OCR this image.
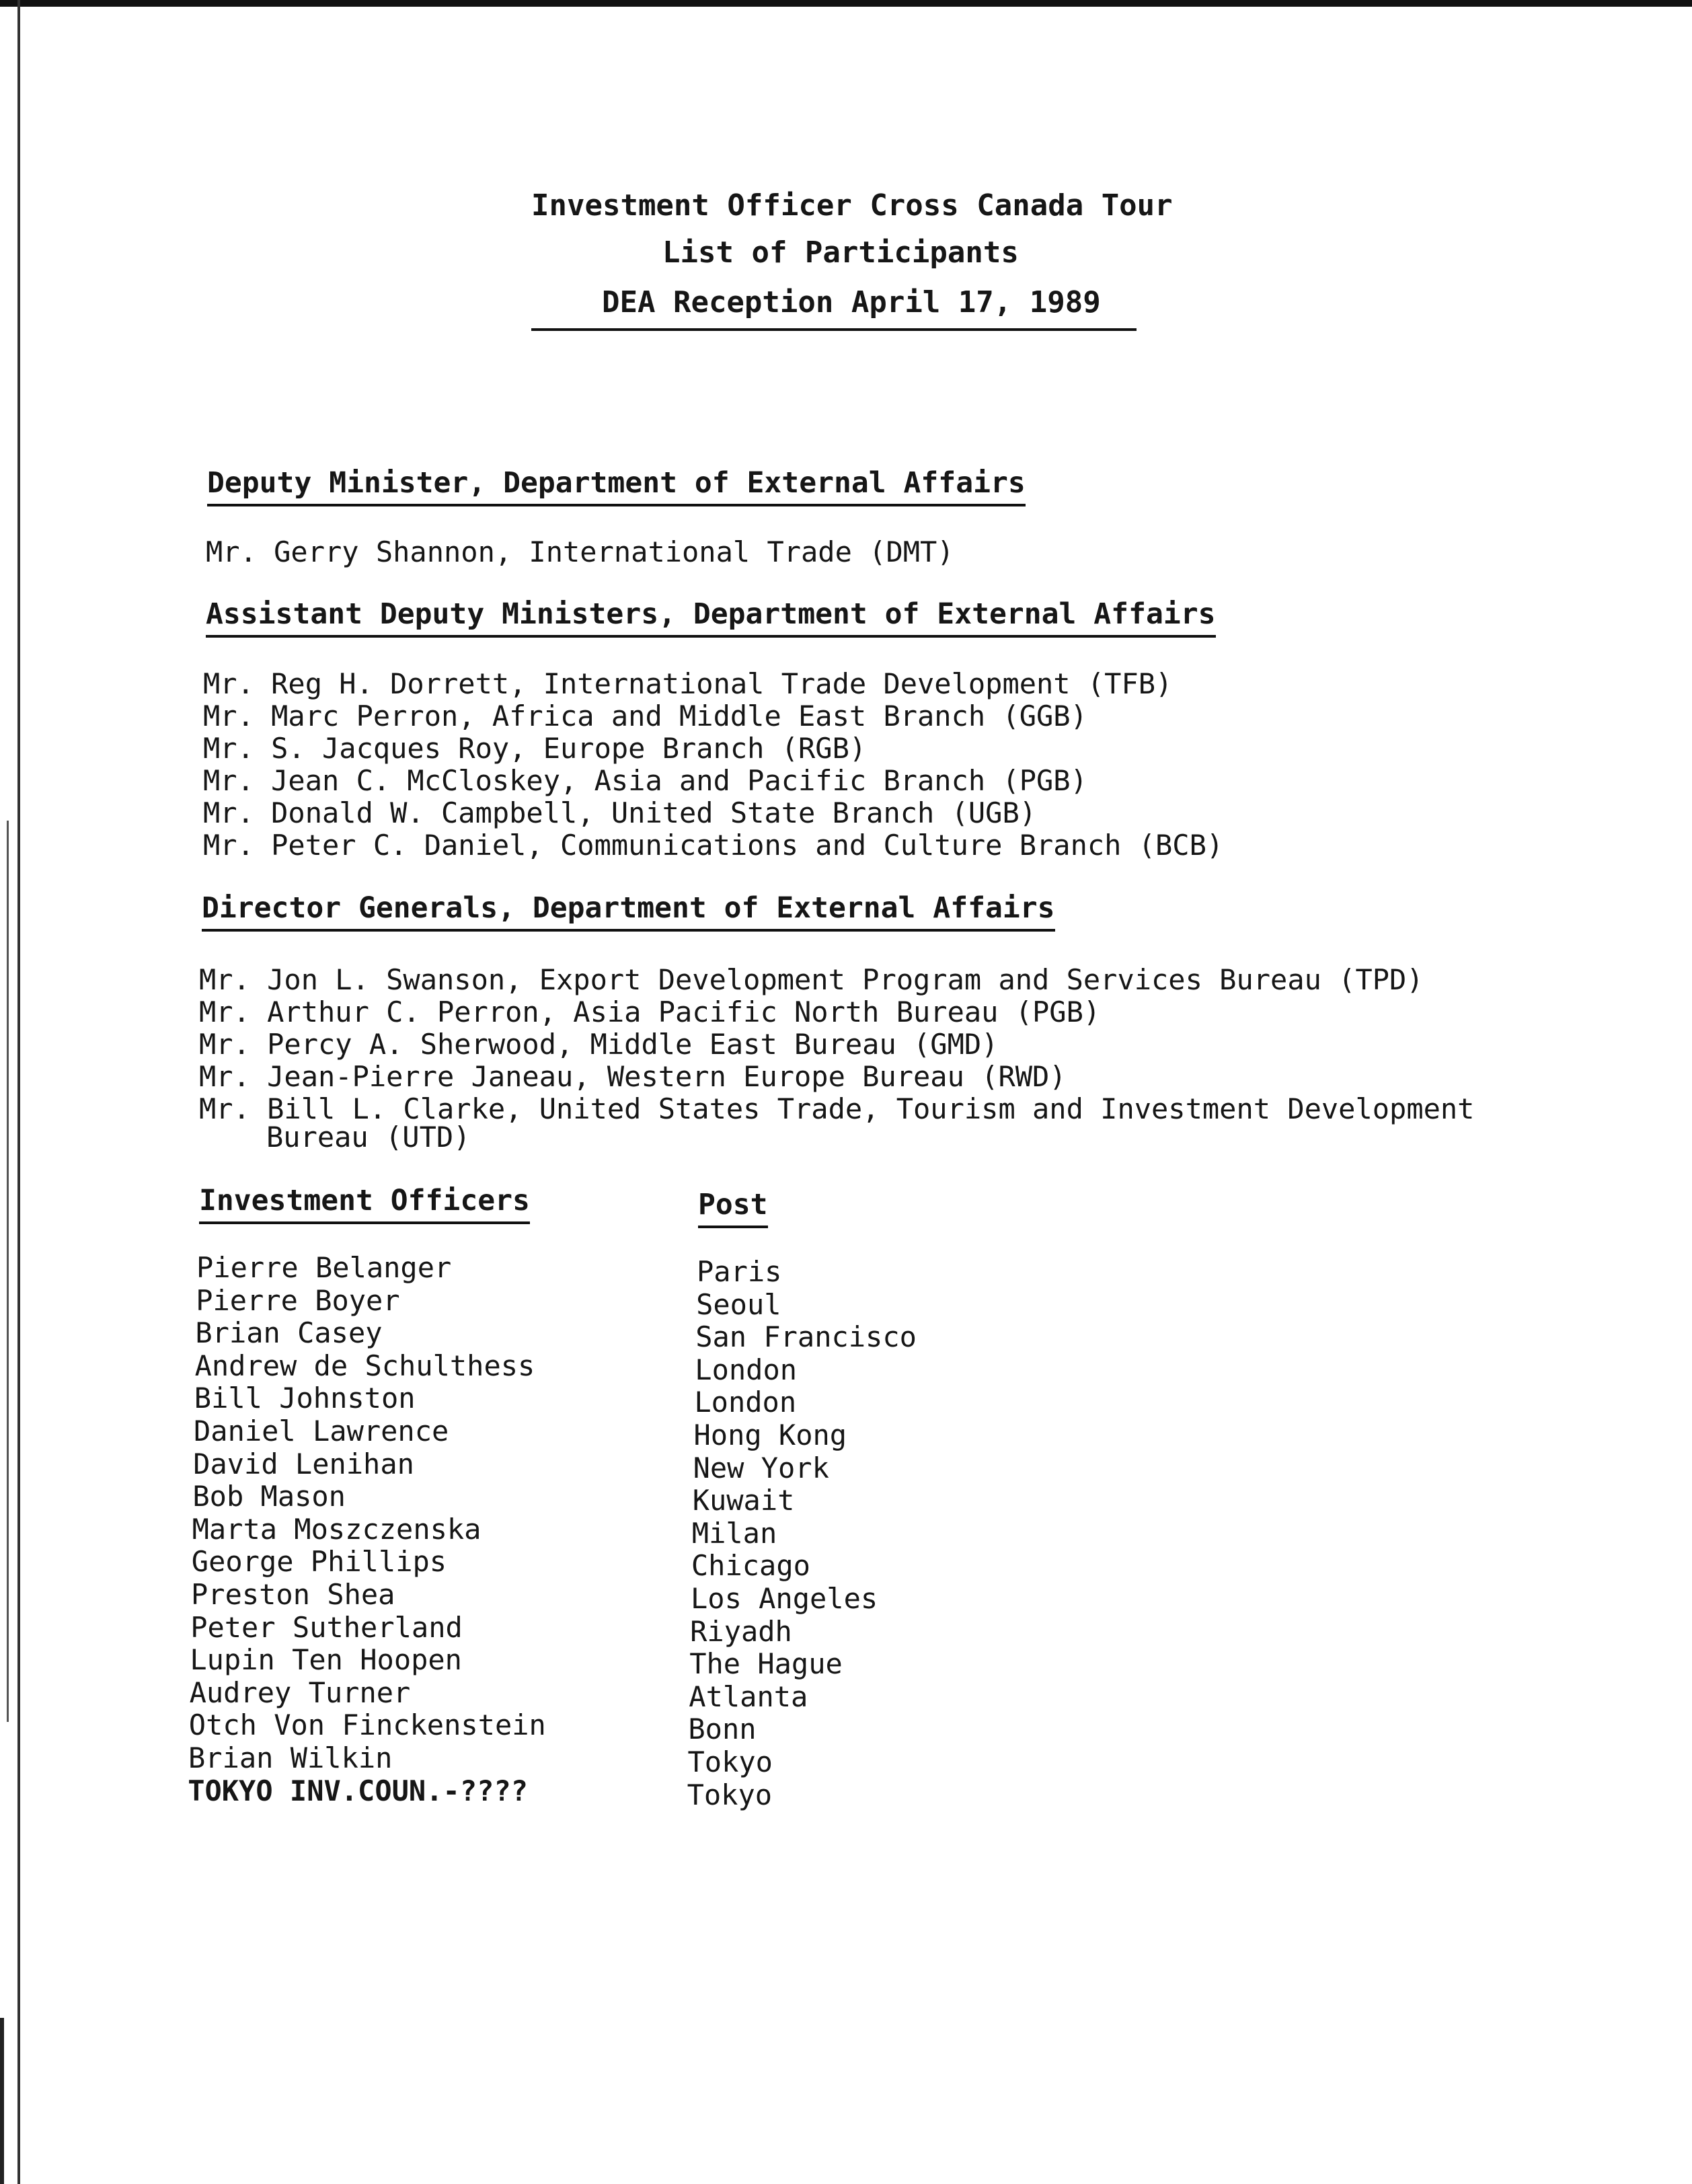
Investment Officer Cross Canada Tour
List of Participants
DEA Reception April 17, 1989
Deputy Minister, Department of External Affairs
Mr. Gerry Shannon, International Trade (DMT)
Assistant Deputy Ministers, Department of External Affairs
Mr. Reg H. Dorrett, International Trade Development (TFB)
Mr. Marc Perron, Africa and Middle East Branch (GGB)
Mr. S. Jacques Roy, Europe Branch (RGB)
Mr. Jean C. McCloskey, Asia and Pacific Branch (PGB)
Mr. Donald W. Campbell, United State Branch (UGB)
Mr. Peter C. Daniel, Communications and Culture Branch (BCB)
Director Generals, Department of External Affairs
Mr. Jon L. Swanson, Export Development Program and Services Bureau (TPD)
Mr. Arthur C. Perron, Asia Pacific North Bureau (PGB)
Mr. Percy A. Sherwood, Middle East Bureau (GMD)
Mr. Jean-Pierre Janeau, Western Europe Bureau (RWD)
Mr. Bill L. Clarke, United States Trade, Tourism and Investment Development
Bureau (UTD)
Investment Officers	Post
Pierre Belanger
Pierre Boyer
Brian Casey
Andrew de Schulthess
Bill Johnston
Daniel Lawrence
David Lenihan
Bob Mason
Marta Moszczenska
George Phillips
Preston Shea
Peter Sutherland
Lupin Ten Hoopen
Audrey Turner
Otch Von Finckenstein
Brian Wilkin
TOKYO INV.COUN.-????
Paris
Seoul
San Francisco
London
London
Hong Kong
New York
Kuwait
Milan
Chicago
Los Angeles
Riyadh
The Hague
Atlanta
Bonn
Tokyo
Tokyo
